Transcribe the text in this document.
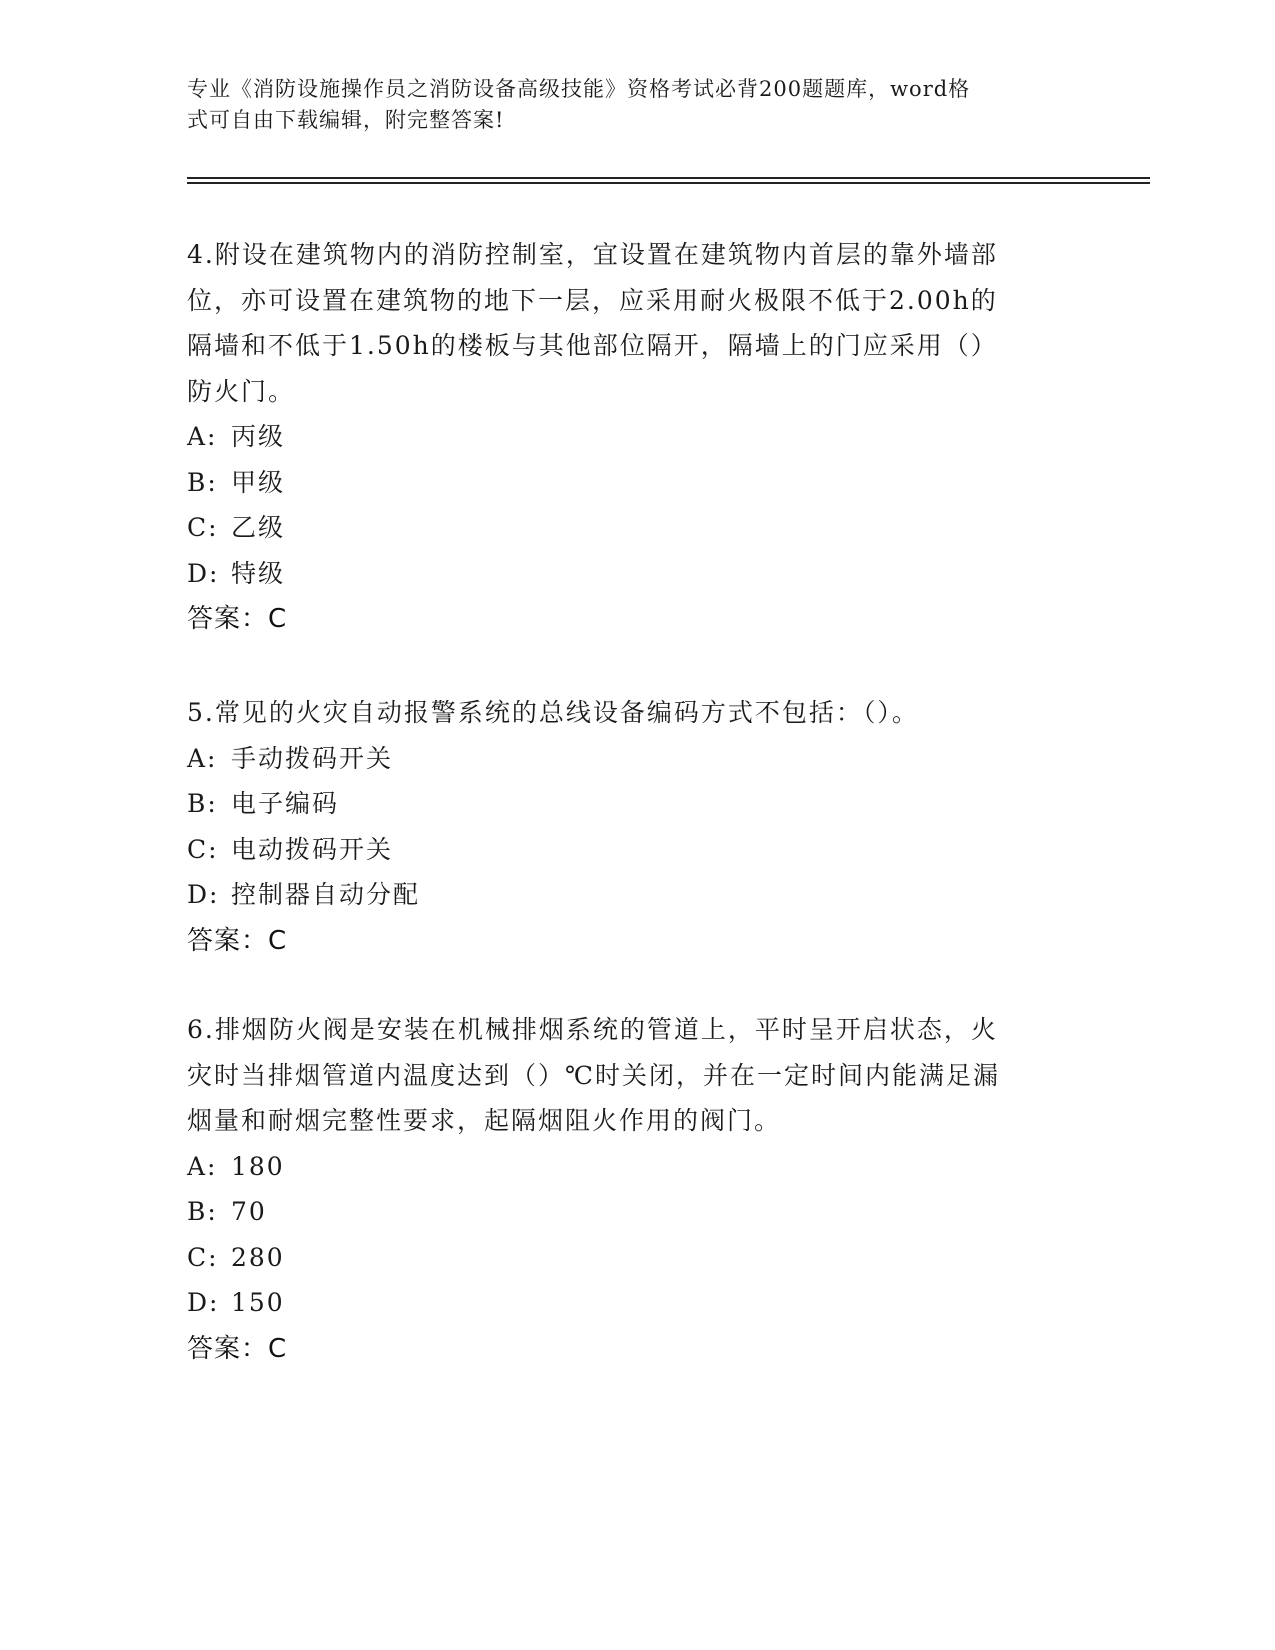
专业《消防设施操作员之消防设备高级技能》资格考试必背200题题库，word格
式可自由下载编辑，附完整答案!
4.附设在建筑物内的消防控制室，宜设置在建筑物内首层的靠外墙部
位，亦可设置在建筑物的地下一层，应采用耐火极限不低于2.00h的
隔墙和不低于1.50h的楼板与其他部位隔开，隔墙上的门应采用（）
防火门。
A: 丙级
B: 甲级
C: 乙级
D: 特级
答案：C
5.常见的火灾自动报警系统的总线设备编码方式不包括：（）。
A: 手动拨码开关
B: 电子编码
C: 电动拨码开关
D: 控制器自动分配
答案：C
6.排烟防火阀是安装在机械排烟系统的管道上，平时呈开启状态，火
灾时当排烟管道内温度达到（）℃时关闭，并在一定时间内能满足漏
烟量和耐烟完整性要求，起隔烟阻火作用的阀门。
A: 180
B: 70
C: 280
D: 150
答案：C
